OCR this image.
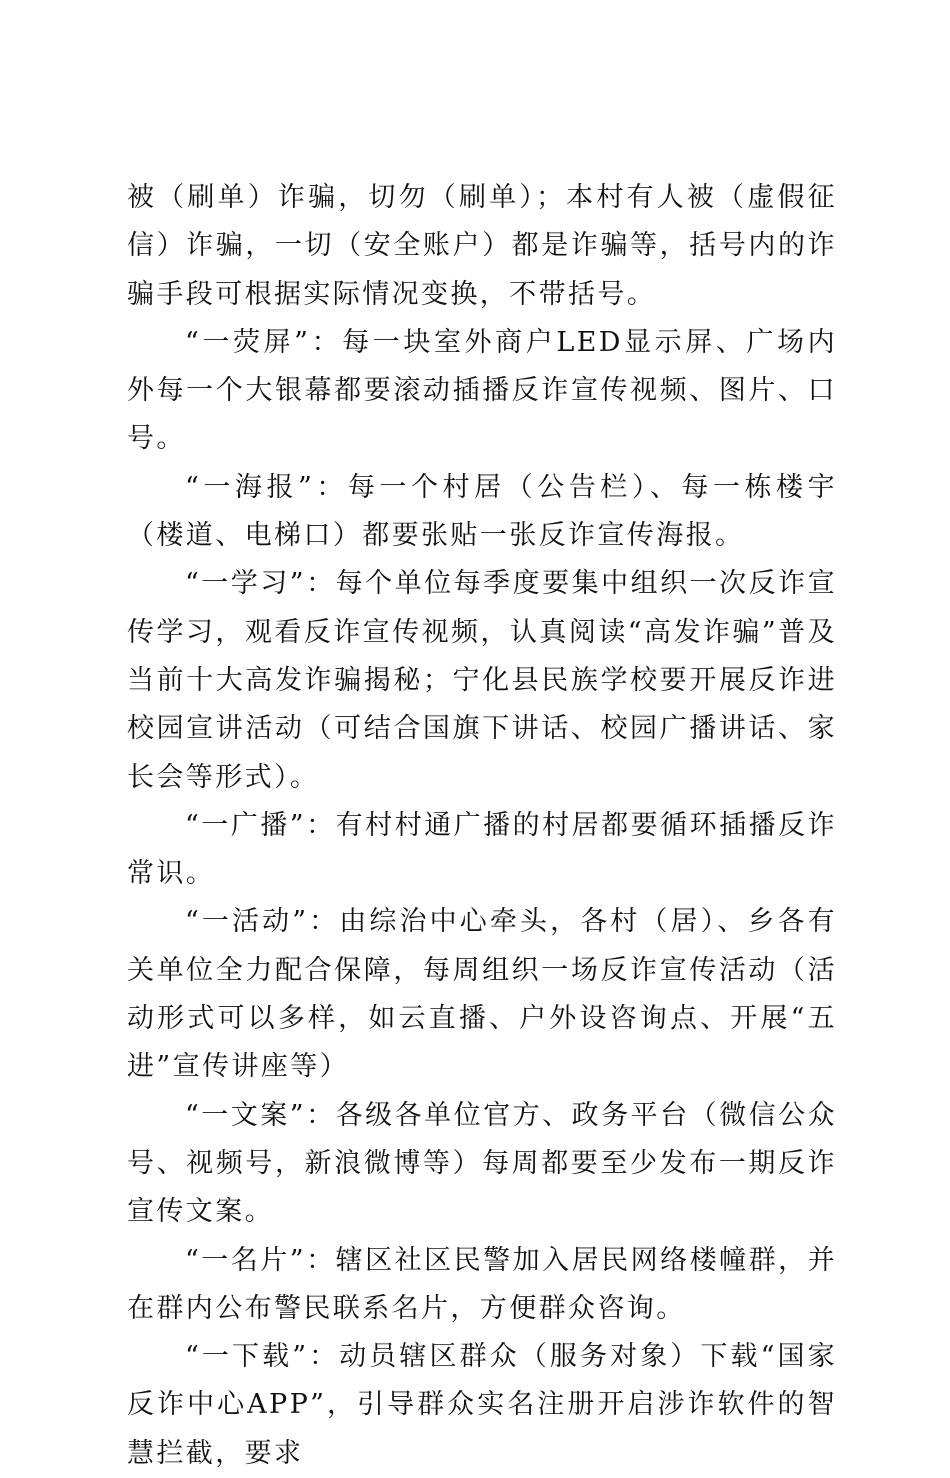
被（刷单）诈骗，切勿（刷单）；本村有人被（虚假征信）诈骗，一切（安全账户）都是诈骗等，括号内的诈骗手段可根据实际情况变换，不带括号。

“一荧屏”：每一块室外商户LED显示屏、广场内外每一个大银幕都要滚动插播反诈宣传视频、图片、口号。

“一海报”：每一个村居（公告栏）、每一栋楼宇（楼道、电梯口）都要张贴一张反诈宣传海报。

“一学习”：每个单位每季度要集中组织一次反诈宣传学习，观看反诈宣传视频，认真阅读“高发诈骗”普及当前十大高发诈骗揭秘；宁化县民族学校要开展反诈进校园宣讲活动（可结合国旗下讲话、校园广播讲话、家长会等形式）。

“一广播”：有村村通广播的村居都要循环插播反诈常识。

“一活动”：由综治中心牵头，各村（居）、乡各有关单位全力配合保障，每周组织一场反诈宣传活动（活动形式可以多样，如云直播、户外设咨询点、开展“五进”宣传讲座等）

“一文案”：各级各单位官方、政务平台（微信公众号、视频号，新浪微博等）每周都要至少发布一期反诈宣传文案。

“一名片”：辖区社区民警加入居民网络楼幢群，并在群内公布警民联系名片，方便群众咨询。

“一下载”：动员辖区群众（服务对象）下载“国家反诈中心APP”，引导群众实名注册开启涉诈软件的智慧拦截，要求
